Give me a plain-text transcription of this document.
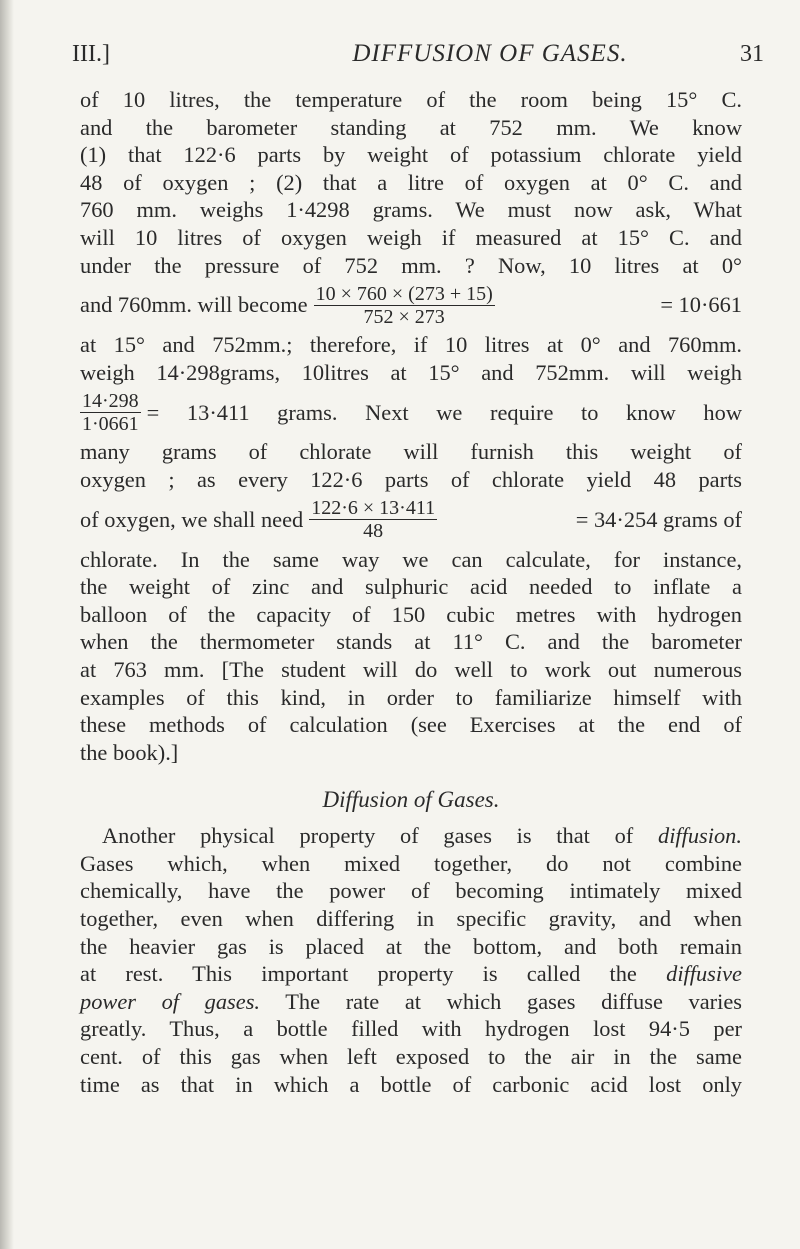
III.]	DIFFUSION OF GASES.	31
of 10 litres, the temperature of the room being 15° C.
and the barometer standing at 752 mm. We know
(1) that 122·6 parts by weight of potassium chlorate yield
48 of oxygen ; (2) that a litre of oxygen at 0° C. and
760 mm. weighs 1·4298 grams. We must now ask, What
will 10 litres of oxygen weigh if measured at 15° C. and
under the pressure of 752 mm. ? Now, 10 litres at 0°
and 760mm. will become $\frac{10 \times 760 \times (273 + 15)}{752 \times 273}$	= 10·661
at 15° and 752mm.; therefore, if 10 litres at 0° and 760mm.
weigh 14·298grams, 10litres at 15° and 752mm. will weigh
$\frac{14\cdot 298}{1\cdot 0661} = 13\cdot 411$ grams. Next we require to know how
many grams of chlorate will furnish this weight of
oxygen ; as every 122·6 parts of chlorate yield 48 parts
of oxygen, we shall need $\frac{122\cdot 6 \times 13\cdot 411}{48}$	= 34·254 grams of
chlorate. In the same way we can calculate, for instance,
the weight of zinc and sulphuric acid needed to inflate a
balloon of the capacity of 150 cubic metres with hydrogen
when the thermometer stands at 11° C. and the barometer
at 763 mm. [The student will do well to work out numerous
examples of this kind, in order to familiarize himself with
these methods of calculation (see Exercises at the end of
the book).]
Diffusion of Gases.
Another physical property of gases is that of diffusion.
Gases which, when mixed together, do not combine
chemically, have the power of becoming intimately mixed
together, even when differing in specific gravity, and when
the heavier gas is placed at the bottom, and both remain
at rest. This important property is called the diffusive
power of gases. The rate at which gases diffuse varies
greatly. Thus, a bottle filled with hydrogen lost 94·5 per
cent. of this gas when left exposed to the air in the same
time as that in which a bottle of carbonic acid lost only
